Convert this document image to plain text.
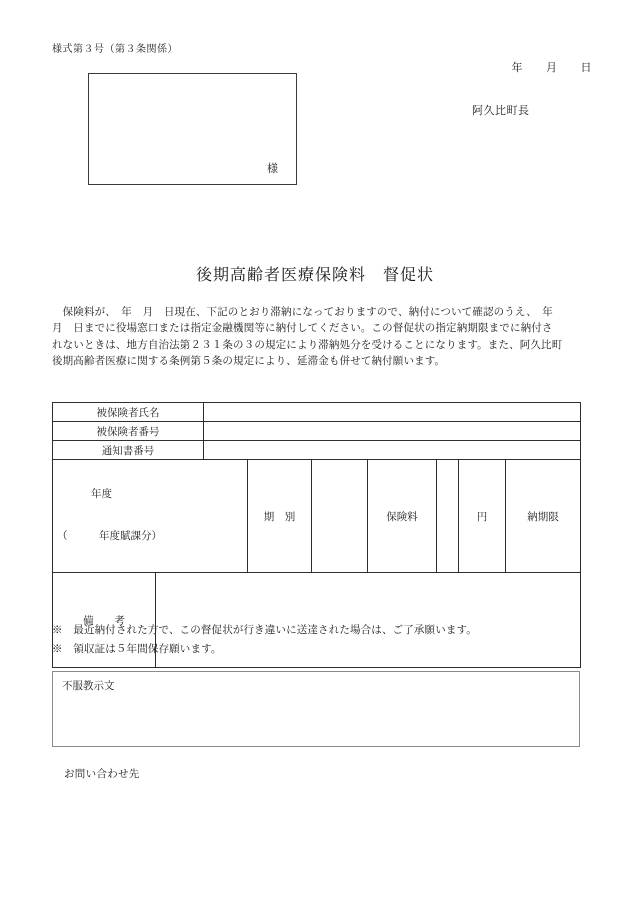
様式第３号（第３条関係）
年　　月　　日
様
阿久比町長
後期高齢者医療保険料　督促状
　保険料が、　年　月　日現在、下記のとおり滞納になっておりますので、納付について確認のうえ、　年
月　日までに役場窓口または指定金融機関等に納付してください。この督促状の指定納期限までに納付さ
れないときは、地方自治法第２３１条の３の規定により滞納処分を受けることになります。また、阿久比町
後期高齢者医療に関する条例第５条の規定により、延滞金も併せて納付願います。
被保険者氏名								
被保険者番号								
通知書番号								

年度

（　　　年度賦課分）			期　別		保険料		円	納期限
備　　考								
※　最近納付された方で、この督促状が行き違いに送達された場合は、ご了承願います。
※　領収証は５年間保存願います。
不服教示文
お問い合わせ先
